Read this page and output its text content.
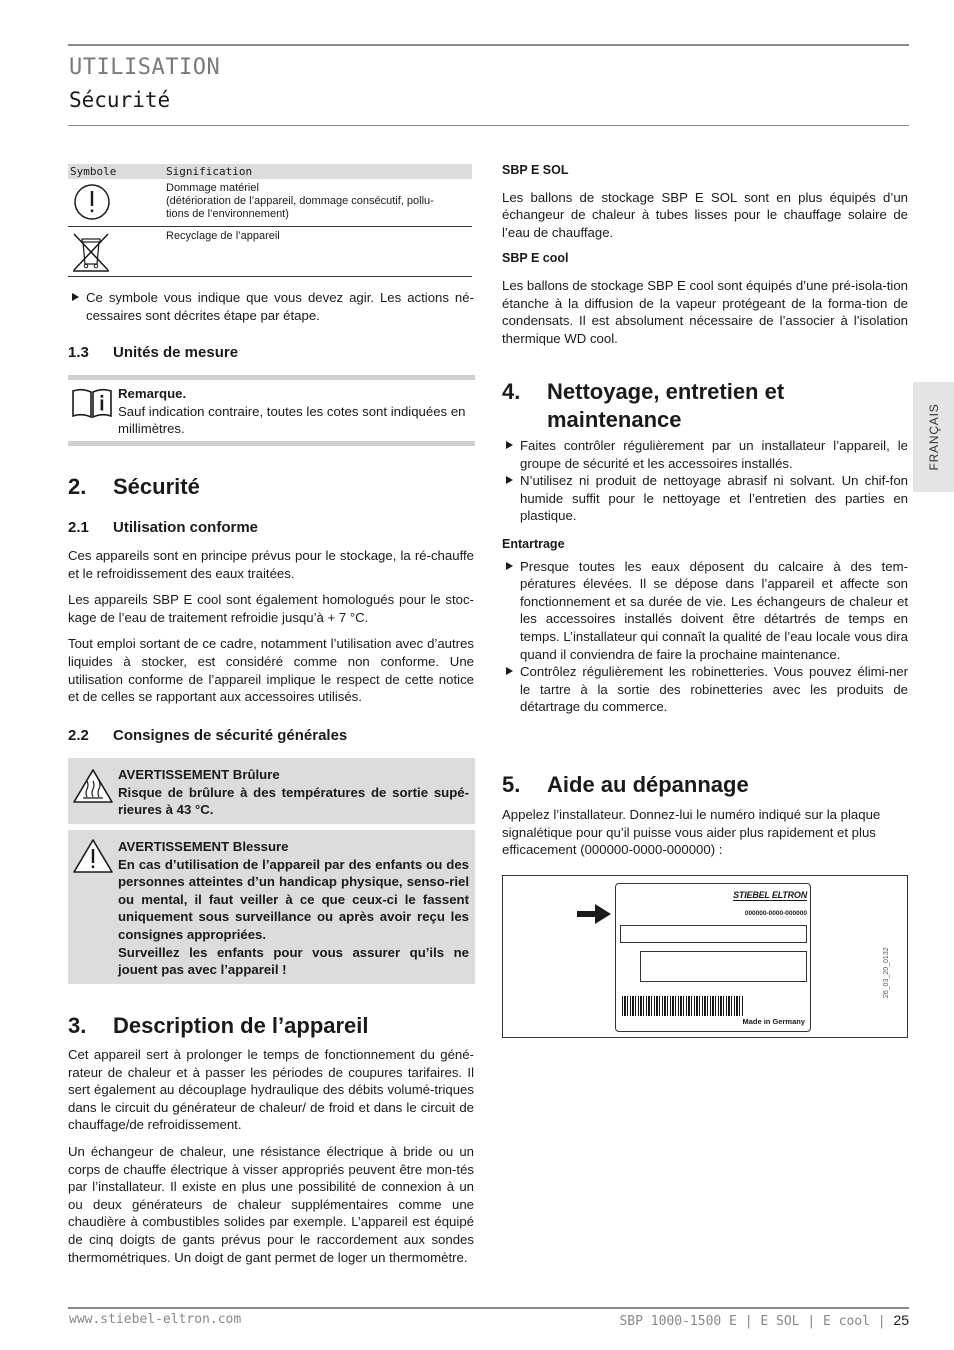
UTILISATION
Sécurité
FRANÇAIS
Symbole	Signification

	Dommage matériel
(détérioration de l’appareil, dommage consécutif, pollu-
tions de l’environnement)

	Recyclage de l’appareil

Ce symbole vous indique que vous devez agir. Les actions né-cessaires sont décrites étape par étape.

1.3 Unités de mesure
Remarque.

Sauf indication contraire, toutes les cotes sont indiquées en millimètres.

2. Sécurité
2.1 Utilisation conforme

Ces appareils sont en principe prévus pour le stockage, la ré-chauffe et le refroidissement des eaux traitées.

Les appareils SBP E cool sont également homologués pour le stoc-kage de l’eau de traitement refroidie jusqu’à + 7 °C.

Tout emploi sortant de ce cadre, notamment l’utilisation avec d’autres liquides à stocker, est considéré comme non conforme. Une utilisation conforme de l’appareil implique le respect de cette notice et de celles se rapportant aux accessoires utilisés.

2.2 Consignes de sécurité générales
AVERTISSEMENT Brûlure

Risque de brûlure à des températures de sortie supé-rieures à 43 °C.

AVERTISSEMENT Blessure

En cas d’utilisation de l’appareil par des enfants ou des personnes atteintes d’un handicap physique, senso-riel ou mental, il faut veiller à ce que ceux-ci le fassent uniquement sous surveillance ou après avoir reçu les consignes appropriées.

Surveillez les enfants pour vous assurer qu’ils ne jouent pas avec l’appareil !

3. Description de l’appareil

Cet appareil sert à prolonger le temps de fonctionnement du géné-rateur de chaleur et à passer les périodes de coupures tarifaires. Il sert également au découplage hydraulique des débits volumé-triques dans le circuit du générateur de chaleur/ de froid et dans le circuit de chauffage/de refroidissement.

Un échangeur de chaleur, une résistance électrique à bride ou un corps de chauffe électrique à visser appropriés peuvent être mon-tés par l’installateur. Il existe en plus une possibilité de connexion à un ou deux générateurs de chaleur supplémentaires comme une chaudière à combustibles solides par exemple. L’appareil est équipé de cinq doigts de gants prévus pour le raccordement aux sondes thermométriques. Un doigt de gant permet de loger un thermomètre.

SBP E SOL

Les ballons de stockage SBP E SOL sont en plus équipés d’un échangeur de chaleur à tubes lisses pour le chauffage solaire de l’eau de chauffage.

SBP E cool

Les ballons de stockage SBP E cool sont équipés d’une pré-isola-tion étanche à la diffusion de la vapeur protégeant de la forma-tion de condensats. Il est absolument nécessaire de l’associer à l’isolation thermique WD cool.

4. Nettoyage, entretien et
maintenance

Faites contrôler régulièrement par un installateur l’appareil, le groupe de sécurité et les accessoires installés.

N’utilisez ni produit de nettoyage abrasif ni solvant. Un chif-fon humide suffit pour le nettoyage et l’entretien des parties en plastique.

Entartrage

Presque toutes les eaux déposent du calcaire à des tem-pératures élevées. Il se dépose dans l’appareil et affecte son fonctionnement et sa durée de vie. Les échangeurs de chaleur et les accessoires installés doivent être détartrés de temps en temps. L’installateur qui connaît la qualité de l’eau locale vous dira quand il conviendra de faire la prochaine maintenance.

Contrôlez régulièrement les robinetteries. Vous pouvez élimi-ner le tartre à la sortie des robinetteries avec les produits de détartrage du commerce.

5. Aide au dépannage

Appelez l’installateur. Donnez-lui le numéro indiqué sur la plaque signalétique pour qu’il puisse vous aider plus rapidement et plus efficacement (000000-0000-000000) :

STIEBEL ELTRON
000000-0000-000000
Made in Germany
26_03_20_0132
www.stiebel-eltron.com	SBP 1000-1500 E | E SOL | E cool | 25
